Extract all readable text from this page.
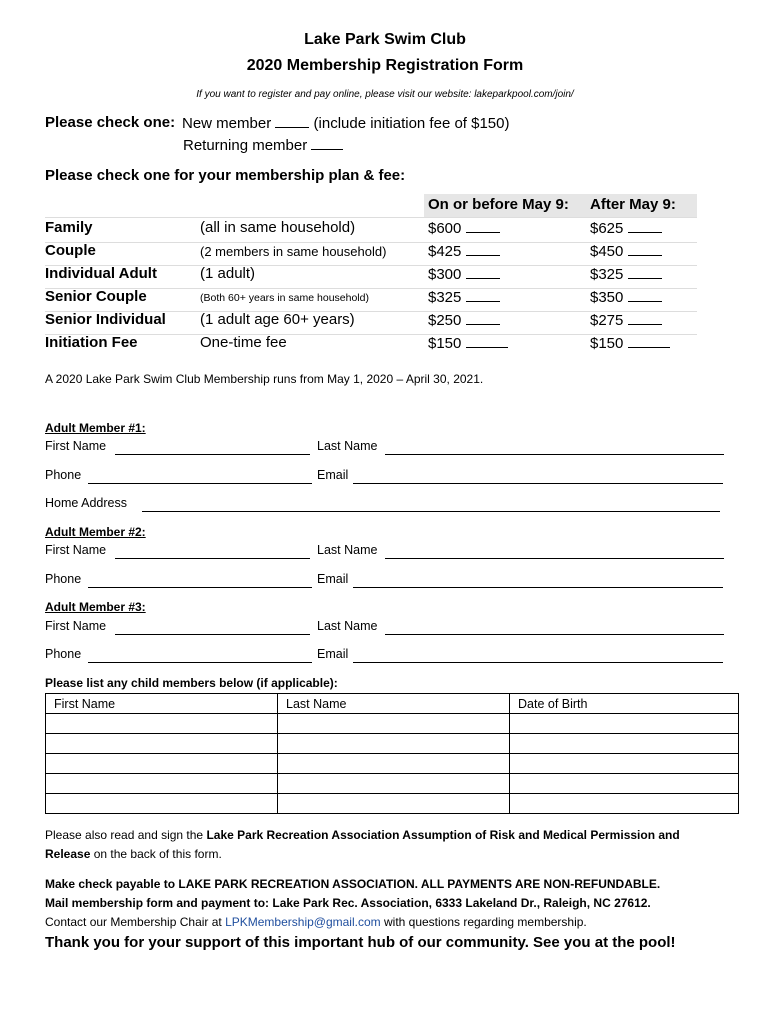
Lake Park Swim Club
2020 Membership Registration Form
If you want to register and pay online, please visit our website: lakeparkpool.com/join/
Please check one: New member	(include initiation fee of $150)
Returning member
Please check one for your membership plan & fee:
On or before May 9: After May 9:
Family	(all in same household)	$600	$625
Couple	(2 members in same household)	$425	$450
Individual Adult	(1 adult)	$300	$325
Senior Couple	(Both 60+ years in same household)	$325	$350
Senior Individual (1 adult age 60+ years)	$250	$275
Initiation Fee	One-time fee	$150	$150
A 2020 Lake Park Swim Club Membership runs from May 1, 2020 – April 30, 2021.
Adult Member #1:
First Name	Last Name
Phone	Email
Home Address
Adult Member #2:
First Name	Last Name
Phone	Email
Adult Member #3:
First Name	Last Name
Phone	Email
Please list any child members below (if applicable):
First Name	Last Name	Date of Birth

Please also read and sign the Lake Park Recreation Association Assumption of Risk and Medical Permission and Release on the back of this form.
Make check payable to LAKE PARK RECREATION ASSOCIATION. ALL PAYMENTS ARE NON-REFUNDABLE.
Mail membership form and payment to: Lake Park Rec. Association, 6333 Lakeland Dr., Raleigh, NC 27612.
Contact our Membership Chair at LPKMembership@gmail.com with questions regarding membership.
Thank you for your support of this important hub of our community. See you at the pool!
